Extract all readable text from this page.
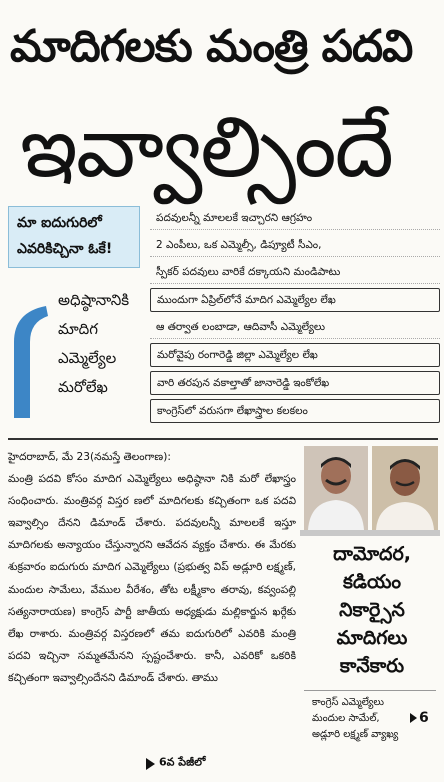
మాదిగలకు మంత్రి పదవి
ఇవ్వాల్సిందే
మా ఐదుగురిలో
ఎవరికిచ్చినా ఓకే!
అధిష్ఠానానికి
మాదిగ
ఎమ్మెల్యేల
మరోలేఖ
పదవులన్నీ మాలలకే ఇచ్చారని ఆగ్రహం
2 ఎంపీలు, ఒక ఎమ్మెల్సీ, డిప్యూటీ సీఎం,
స్పీకర్ పదవులు వారికే దక్కాయని మండిపాటు
ముందుగా ఏప్రిల్‌లోనే మాదిగ ఎమ్మెల్యేల లేఖ
ఆ తర్వాత లంబాడా, ఆదివాసీ ఎమ్మెల్యేలు
మరోవైపు రంగారెడ్డి జిల్లా ఎమ్మెల్యేల లేఖ
వారి తరపున వకాల్తాతో జానారెడ్డి ఇంకోలేఖ
కాంగ్రెస్‌లో వరుసగా లేఖాస్త్రాల కలకలం

హైదరాబాద్, మే 23(నమస్తే తెలంగాణ):

మంత్రి పదవి కోసం మాదిగ ఎమ్మెల్యేలు అధిష్ఠానా నికి మరో లేఖాస్త్రం సంధించారు. మంత్రివర్గ విస్తర ణలో మాదిగలకు కచ్చితంగా ఒక పదవి ఇవ్వాల్సిం దేనని డిమాండ్ చేశారు. పదవులన్నీ మాలలకే ఇస్తూ మాదిగలకు అన్యాయం చేస్తున్నారని ఆవేదన వ్యక్తం చేశారు. ఈ మేరకు శుక్రవారం ఐదుగురు మాదిగ ఎమ్మెల్యేలు (ప్రభుత్వ విప్ అడ్లూరి లక్ష్మణ్, మందుల సామేలు, వేముల వీరేశం, తోట లక్ష్మీకాం తరావు, కవ్వంపల్లి సత్యనారాయణ) కాంగ్రెస్ పార్టీ జాతీయ అధ్యక్షుడు మల్లికార్జున ఖర్గేకు లేఖ రాశారు. మంత్రివర్గ విస్తరణలో తమ ఐదుగురిలో ఎవరికి మంత్రి పదవి ఇచ్చినా సమ్మతమేనని స్పష్టంచేశారు. కానీ, ఎవరికో ఒకరికి కచ్చితంగా ఇవ్వాల్సిందేనని డిమాండ్ చేశారు. తాము

6వ పేజీలో
దామోదర,
కడియం
నికార్సైన
మాదిగలు
కానేకారు
కాంగ్రెస్ ఎమ్మెల్యేలు
మందుల సామేల్,
అడ్లూరి లక్ష్మణ్ వ్యాఖ్య
6
